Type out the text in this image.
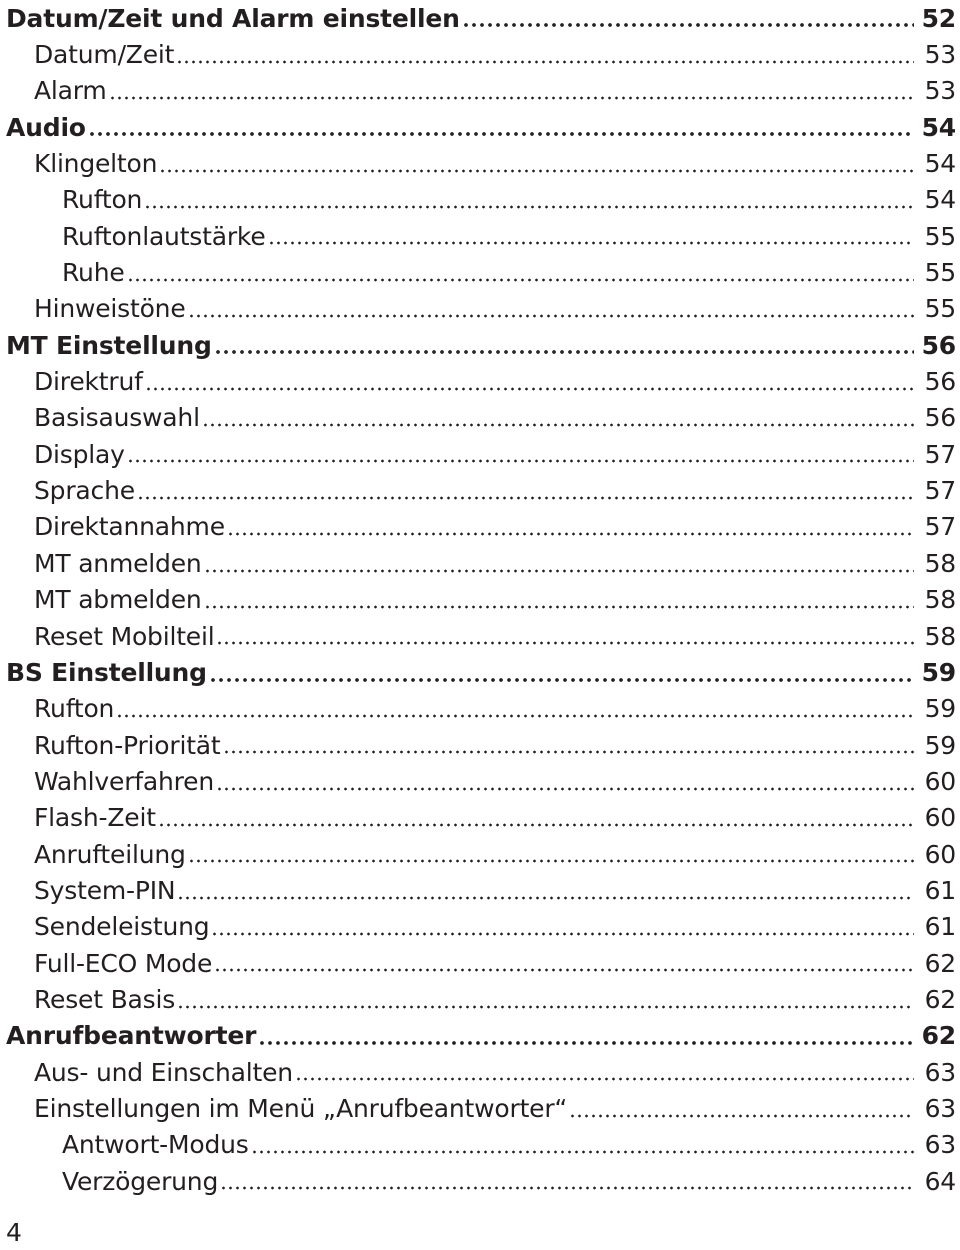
Datum/Zeit und Alarm einstellen	52
Datum/Zeit	53
Alarm	53
Audio	54
Klingelton	54
Rufton	54
Ruftonlautstärke	55
Ruhe	55
Hinweistöne	55
MT Einstellung	56
Direktruf	56
Basisauswahl	56
Display	57
Sprache	57
Direktannahme	57
MT anmelden	58
MT abmelden	58
Reset Mobilteil	58
BS Einstellung	59
Rufton	59
Rufton-Priorität	59
Wahlverfahren	60
Flash-Zeit	60
Anrufteilung	60
System-PIN	61
Sendeleistung	61
Full-ECO Mode	62
Reset Basis	62
Anrufbeantworter	62
Aus- und Einschalten	63
Einstellungen im Menü „Anrufbeantworter“	63
Antwort-Modus	63
Verzögerung	64
4
